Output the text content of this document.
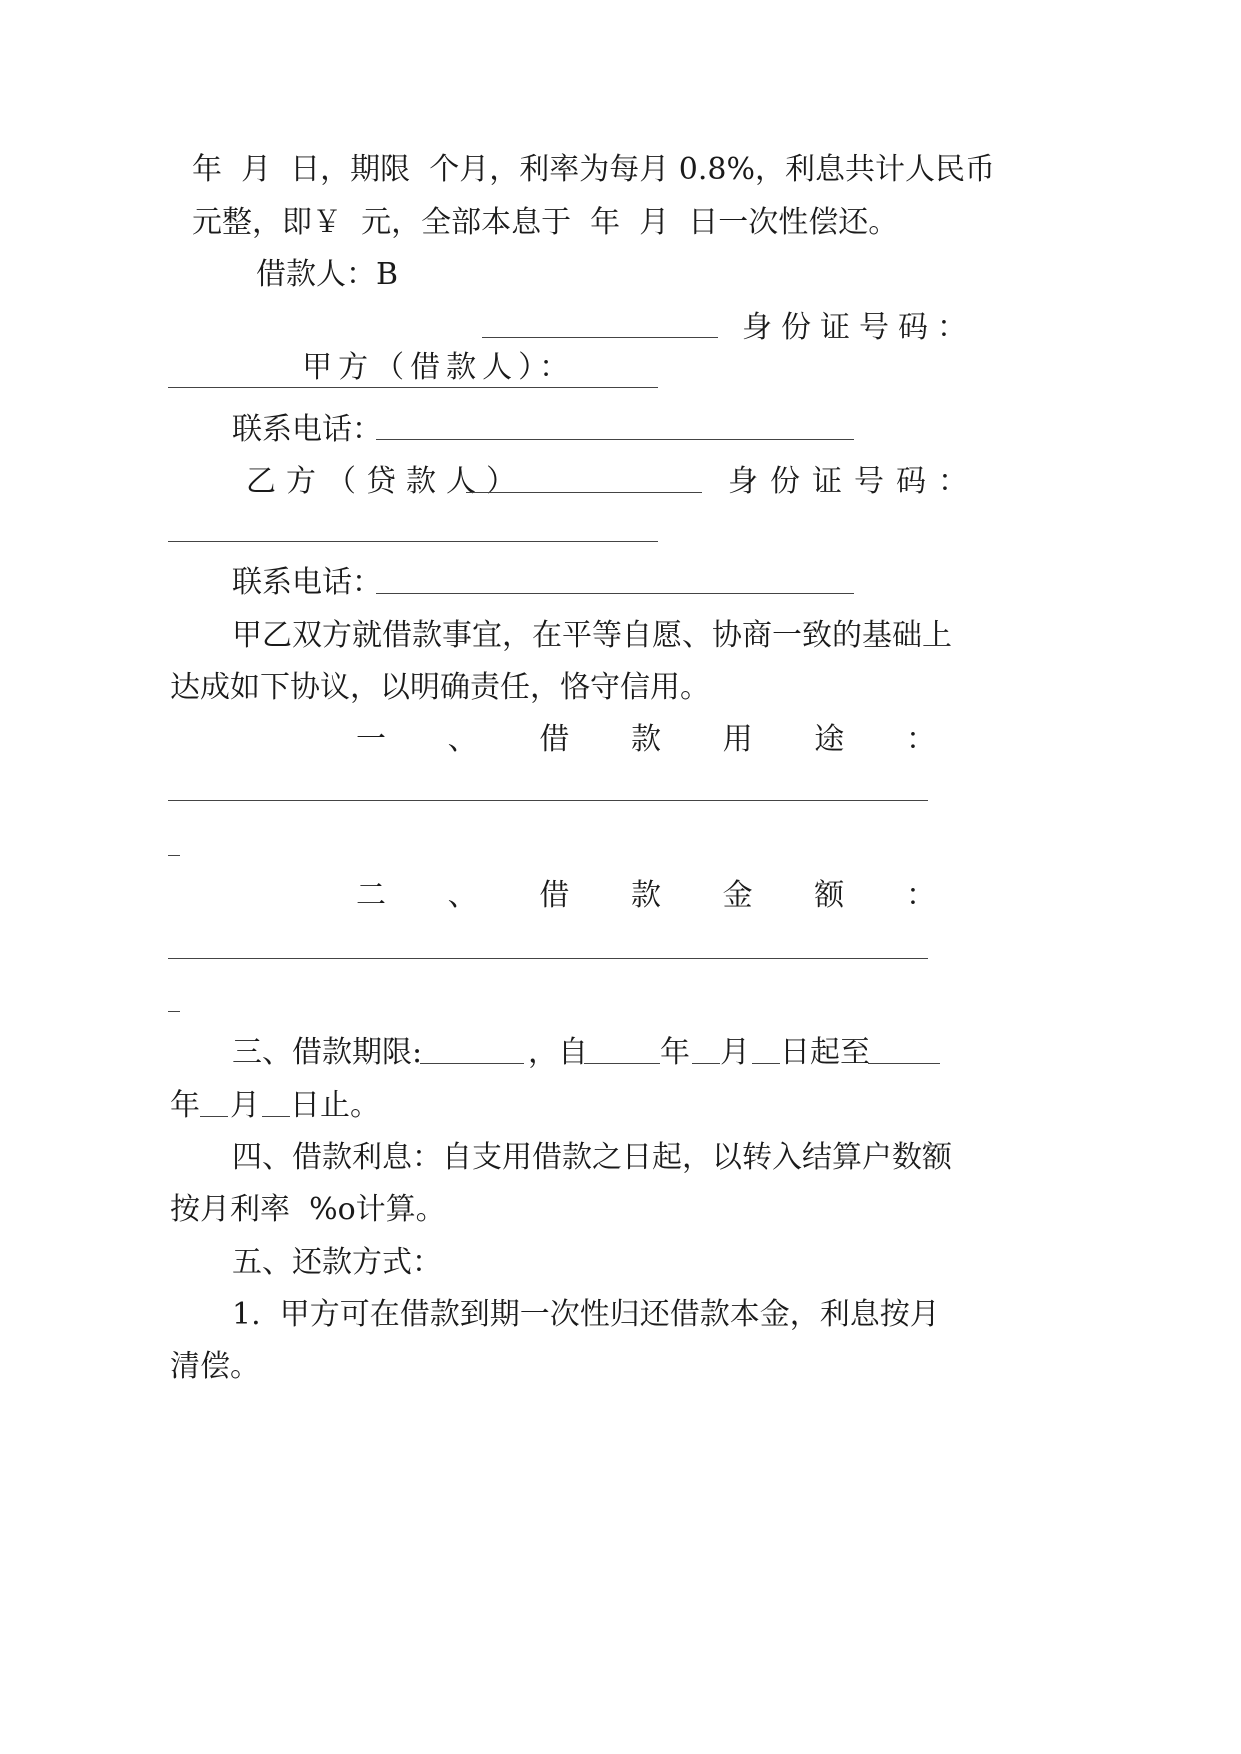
年  月  日，期限  个月，利率为每月 0.8%，利息共计人民币

元整，即￥  元，全部本息于  年  月  日一次性偿还。

借款人：B

甲方（借款人）：

身份证号码：

联系电话：

乙方（贷款人）	身份证号码：

联系电话：

甲乙双方就借款事宜，在平等自愿、协商一致的基础上

达成如下协议，以明确责任，恪守信用。

一 、 借 款 用 途 ：
二 、 借 款 金 额 ：

三、借款期限:	，自 年	月	日起至

年	月	日止。

四、借款利息：自支用借款之日起，以转入结算户数额

按月利率  %o计算。

五、还款方式：

1.  甲方可在借款到期一次性归还借款本金，利息按月

清偿。
